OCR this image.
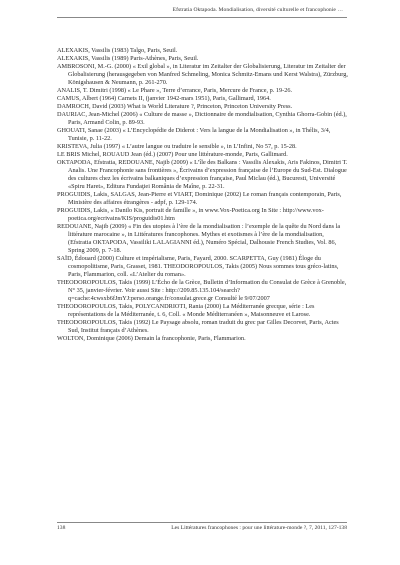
Efstratia Oktapoda. Mondialisation, diversité culturelle et francophonie …

ALEXAKIS, Vassilis (1983) Talgo, Paris, Seuil.

ALEXAKIS, Vassilis (1989) Paris-Athènes, Paris, Seuil.

AMBROSONI, M.-G. (2000) « Exil global », in Literatur im Zeitalter der Globalisierung, Literatur im Zeitalter der Globalisierung (herausgegeben von Manfred Schmeling, Monica Schmitz-Emans und Kerst Walstra), Zürzburg, Königshausen & Neumann, p. 261-270.

ANALIS, T. Dimitri (1998) « Le Phare », Terre d’errance, Paris, Mercure de France, p. 19-26.

CAMUS, Albert (1964) Carnets II, (janvier 1942-mars 1951), Paris, Gallimard, 1964.

DAMROCH, David (2003) What is World Literature ?, Princeton, Princeton University Press.

DAURIAC, Jean-Michel (2006) « Culture de masse », Dictionnaire de mondialisation, Cynthia Ghorra-Gobin (éd.), Paris, Armand Colin, p. 89-93.

GHOUATI, Sanae (2003) « L’Encyclopédie de Diderot : Vers la langue de la Mondialisation », in Thélis, 3/4, Tunisie, p. 11-22.

KRISTEVA, Julia (1997) « L’autre langue ou traduire le sensible », in L’Infini, No 57, p. 15-28.

LE BRIS Michel, ROUAUD Jean (éd.) (2007) Pour une littérature-monde, Paris, Gallimard.

OKTAPODA, Efstratia, REDOUANE, Najib (2009) « L’île des Balkans : Vassilis Alexakis, Aris Fakinos, Dimitri T. Analis. Une Francophonie sans frontières », Écrivains d’expression française de l’Europe du Sud-Est. Dialogue des cultures chez les écrivains balkaniques d’expression française, Paul Miclau (éd.), Bucuresti, Université «Spiru Haret», Editura Fundaţiei România de Maîne, p. 22-31.

PROGUIDIS, Lakis, SALGAS, Jean-Pierre et VIART, Dominique (2002) Le roman français contemporain, Paris, Ministère des affaires étrangères - adpf, p. 129-174.

PROGUIDIS, Lakis, « Danilo Kis, portrait de famille », in www.Vox-Poetica.org In Site : http://www.vox-poetica.org/ecrivains/KIS/proguidis01.htm

REDOUANE, Najib (2009) « Fin des utopies à l’ère de la mondialisation : l’exemple de la quête du Nord dans la littérature marocaine », in Littératures francophones. Mythes et exotismes à l’ère de la mondialisation, (Efstratia OKTAPODA, Vassiliki LALAGIANNI éd.), Numéro Spécial, Dalhousie French Studies, Vol. 86, Spring 2009, p. 7-18.

SAÏD, Édouard (2000) Culture et impérialisme, Paris, Fayard, 2000. SCARPETTA, Guy (1981) Éloge du cosmopolitisme, Paris, Grasset, 1981. THEODOROPOULOS, Takis (2005) Nous sommes tous gréco-latins, Paris, Flammarion, coll. «L’Atelier du roman».

THEODOROPOULOS, Takis (1999) L’Écho de la Grèce, Bulletin d’Information du Consulat de Grèce à Grenoble, N° 35, janvier-février. Voir aussi Site : http://209.85.135.104/search?q=cache:4cwsxb6fJmYJ:perso.orange.fr/consulat.grece.gr Consulté le 9/07/2007

THEODOROPOULOS, Takis, POLYCANDRIOTI, Rania (2000) La Méditerranée grecque, série : Les représentations de la Méditerranée, t. 6, Coll. « Monde Méditerranéen », Maisonneuve et Larose.

THEODOROPOULOS, Takis (1992) Le Paysage absolu, roman traduit du grec par Gilles Decorvet, Paris, Actes Sud, Institut français d’Athènes.

WOLTON, Dominique (2006) Demain la francophonie, Paris, Flammarion.

138	Les Littératures francophones : pour une littérature-monde ?, 7, 2011, 127-138
